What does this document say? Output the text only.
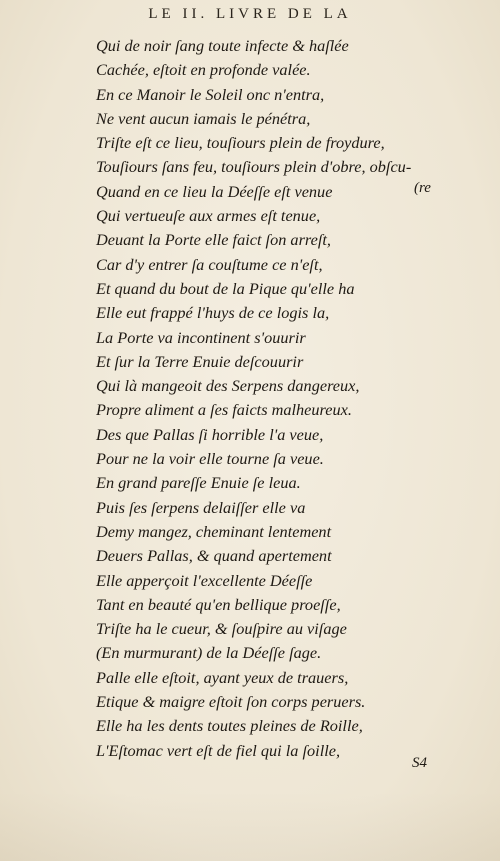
LE II. LIVRE DE LA
Qui de noir ſang toute infecte & haſlée
Cachée, eſtoit en profonde valée.
En ce Manoir le Soleil onc n'entra,
Ne vent aucun iamais le pénétra,
Triſte eſt ce lieu, touſiours plein de froydure,
Touſiours ſans feu, touſiours plein d'obre, obſcu-
Quand en ce lieu la Déeſſe eſt venue
Qui vertueuſe aux armes eſt tenue,
Deuant la Porte elle faict ſon arreſt,
Car d'y entrer ſa couſtume ce n'eſt,
Et quand du bout de la Pique qu'elle ha
Elle eut frappé l'huys de ce logis la,
La Porte va incontinent s'ouurir
Et ſur la Terre Enuie deſcouurir
Qui là mangeoit des Serpens dangereux,
Propre aliment a ſes faicts malheureux.
Des que Pallas ſi horrible l'a veue,
Pour ne la voir elle tourne ſa veue.
En grand pareſſe Enuie ſe leua.
Puis ſes ſerpens delaiſſer elle va
Demy mangez, cheminant lentement
Deuers Pallas, & quand apertement
Elle apperçoit l'excellente Déeſſe
Tant en beauté qu'en bellique proeſſe,
Triſte ha le cueur, & ſouſpire au viſage
(En murmurant) de la Déeſſe ſage.
Palle elle eſtoit, ayant yeux de trauers,
Etique & maigre eſtoit ſon corps peruers.
Elle ha les dents toutes pleines de Roille,
L'Eſtomac vert eſt de fiel qui la ſoille,
(re
S4
